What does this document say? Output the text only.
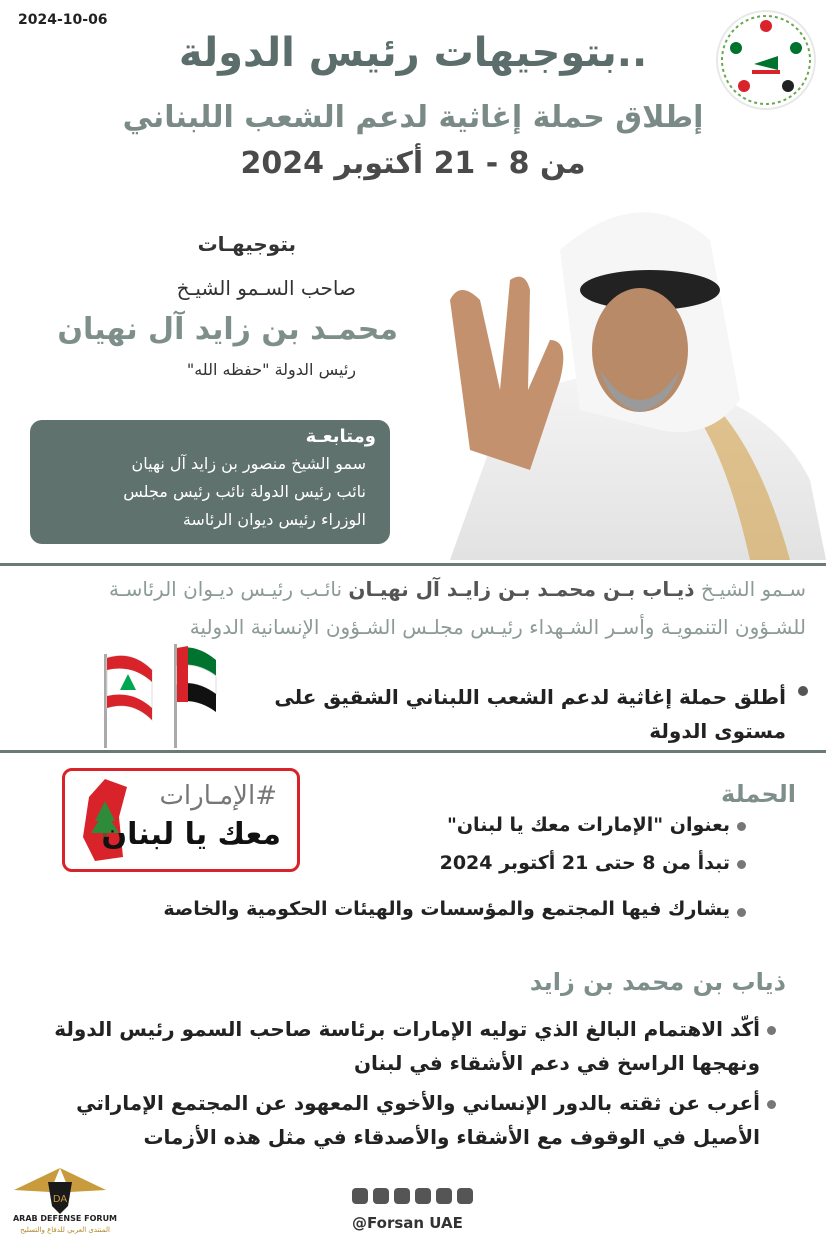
2024-10-06
بتوجيهات رئيس الدولة..
إطلاق حملة إغاثية لدعم الشعب اللبناني
من 8 - 21 أكتوبر 2024
بتوجيهـات
صاحب السـمو الشيـخ
محمـد بن زايد آل نهيان
رئيس الدولة "حفظه الله"
ومتابعـة
سمو الشيخ منصور بن زايد آل نهيان
نائب رئيس الدولة نائب رئيس مجلس
الوزراء رئيس ديوان الرئاسة
سـمو الشيـخ ذيـاب بـن محمـد بـن زايـد آل نهيـان نائـب رئيـس ديـوان الرئاسـة للشـؤون التنمويـة وأسـر الشـهداء رئيـس مجلـس الشـؤون الإنسانية الدولية
أطلق حملة إغاثية لدعم الشعب اللبناني الشقيق على مستوى الدولة
#الإمـارات
معك يا لبنان
الحملة
بعنوان "الإمارات معك يا لبنان"
تبدأ من 8 حتى 21 أكتوبر 2024
يشارك فيها المجتمع والمؤسسات والهيئات الحكومية والخاصة
ذياب بن محمد بن زايد
أكّد الاهتمام البالغ الذي توليه الإمارات برئاسة صاحب السمو رئيس الدولة ونهجها الراسخ في دعم الأشقاء في لبنان
أعرب عن ثقته بالدور الإنساني والأخوي المعهود عن المجتمع الإماراتي الأصيل في الوقوف مع الأشقاء والأصدقاء في مثل هذه الأزمات
@Forsan UAE
DA
ARAB DEFENSE FORUM
المنتدى العربي للدفاع والتسليح
